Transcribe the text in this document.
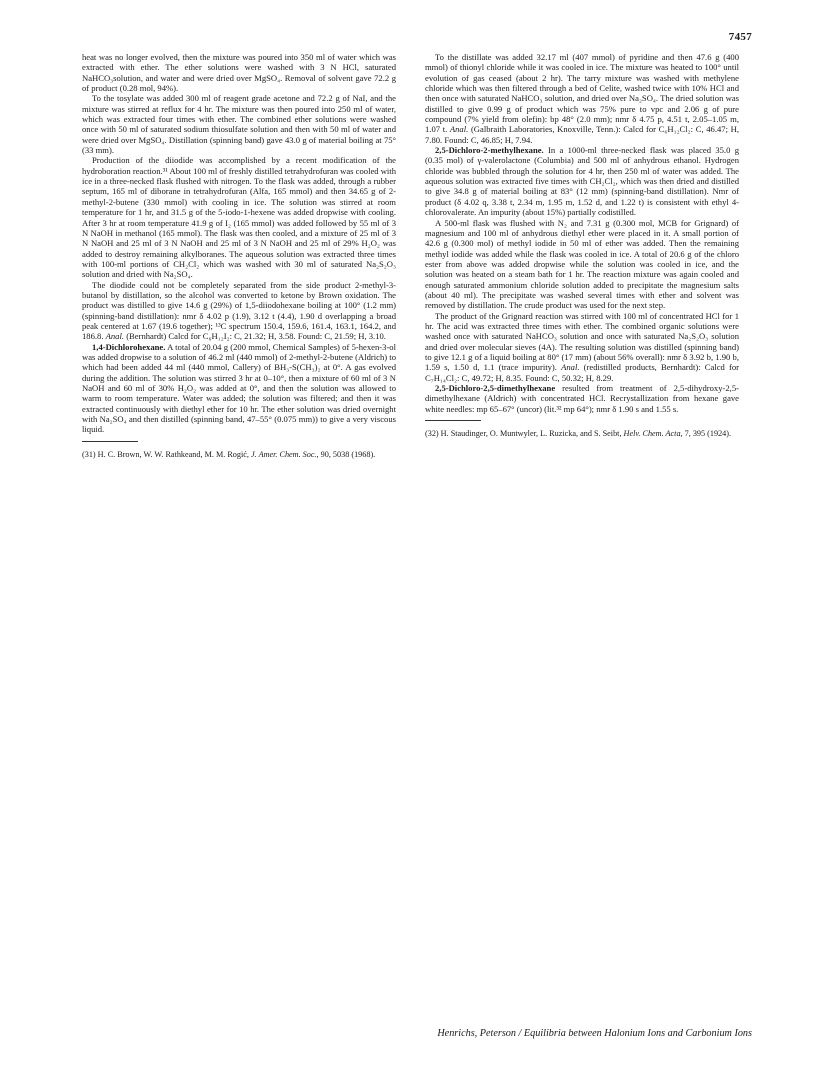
7457

heat was no longer evolved, then the mixture was poured into 350 ml of water which was extracted with ether. The ether solutions were washed with 3 N HCl, saturated NaHCO₃solution, and water and were dried over MgSO₄. Removal of solvent gave 72.2 g of product (0.28 mol, 94%).

To the tosylate was added 300 ml of reagent grade acetone and 72.2 g of NaI, and the mixture was stirred at reflux for 4 hr. The mixture was then poured into 250 ml of water, which was extracted four times with ether. The combined ether solutions were washed once with 50 ml of saturated sodium thiosulfate solution and then with 50 ml of water and were dried over MgSO₄. Distillation (spinning band) gave 43.0 g of material boiling at 75° (33 mm).

Production of the diiodide was accomplished by a recent modification of the hydroboration reaction.³¹ About 100 ml of freshly distilled tetrahydrofuran was cooled with ice in a three-necked flask flushed with nitrogen. To the flask was added, through a rubber septum, 165 ml of diborane in tetrahydrofuran (Alfa, 165 mmol) and then 34.65 g of 2-methyl-2-butene (330 mmol) with cooling in ice. The solution was stirred at room temperature for 1 hr, and 31.5 g of the 5-iodo-1-hexene was added dropwise with cooling. After 3 hr at room temperature 41.9 g of I₂ (165 mmol) was added followed by 55 ml of 3 N NaOH in methanol (165 mmol). The flask was then cooled, and a mixture of 25 ml of 3 N NaOH and 25 ml of 3 N NaOH and 25 ml of 3 N NaOH and 25 ml of 29% H₂O₂ was added to destroy remaining alkylboranes. The aqueous solution was extracted three times with 100-ml portions of CH₂Cl₂ which was washed with 30 ml of saturated Na₂S₂O₃ solution and dried with Na₂SO₄.

The diodide could not be completely separated from the side product 2-methyl-3-butanol by distillation, so the alcohol was converted to ketone by Brown oxidation. The product was distilled to give 14.6 g (29%) of 1,5-diiodohexane boiling at 100° (1.2 mm) (spinning-band distillation): nmr δ 4.02 p (1.9), 3.12 t (4.4), 1.90 d overlapping a broad peak centered at 1.67 (19.6 together); ¹³C spectrum 150.4, 159.6, 161.4, 163.1, 164.2, and 186.8. Anal. (Bernhardt) Calcd for C₆H₁₂I₂: C, 21.32; H, 3.58. Found: C, 21.59; H, 3.10.

1,4-Dichlorohexane. A total of 20.04 g (200 mmol, Chemical Samples) of 5-hexen-3-ol was added dropwise to a solution of 46.2 ml (440 mmol) of 2-methyl-2-butene (Aldrich) to which had been added 44 ml (440 mmol, Callery) of BH₃-S(CH₃)₂ at 0°. A gas evolved during the addition. The solution was stirred 3 hr at 0–10°, then a mixture of 60 ml of 3 N NaOH and 60 ml of 30% H₂O₂ was added at 0°, and then the solution was allowed to warm to room temperature. Water was added; the solution was filtered; and then it was extracted continuously with diethyl ether for 10 hr. The ether solution was dried overnight with Na₂SO₄ and then distilled (spinning band, 47–55° (0.075 mm)) to give a very viscous liquid.

(31) H. C. Brown, W. W. Rathkeand, M. M. Rogić, J. Amer. Chem. Soc., 90, 5038 (1968).

To the distillate was added 32.17 ml (407 mmol) of pyridine and then 47.6 g (400 mmol) of thionyl chloride while it was cooled in ice. The mixture was heated to 100° until evolution of gas ceased (about 2 hr). The tarry mixture was washed with methylene chloride which was then filtered through a bed of Celite, washed twice with 10% HCl and then once with saturated NaHCO₃ solution, and dried over Na₂SO₄. The dried solution was distilled to give 0.99 g of product which was 75% pure to vpc and 2.06 g of pure compound (7% yield from olefin): bp 48° (2.0 mm); nmr δ 4.75 p, 4.51 t, 2.05–1.05 m, 1.07 t. Anal. (Galbraith Laboratories, Knoxville, Tenn.): Calcd for C₆H₁₂Cl₂: C, 46.47; H, 7.80. Found: C, 46.85; H, 7.94.

2,5-Dichloro-2-methylhexane. In a 1000-ml three-necked flask was placed 35.0 g (0.35 mol) of γ-valerolactone (Columbia) and 500 ml of anhydrous ethanol. Hydrogen chloride was bubbled through the solution for 4 hr, then 250 ml of water was added. The aqueous solution was extracted five times with CH₂Cl₂, which was then dried and distilled to give 34.8 g of material boiling at 83° (12 mm) (spinning-band distillation). Nmr of product (δ 4.02 q, 3.38 t, 2.34 m, 1.95 m, 1.52 d, and 1.22 t) is consistent with ethyl 4-chlorovalerate. An impurity (about 15%) partially codistilled.

A 500-ml flask was flushed with N₂ and 7.31 g (0.300 mol, MCB for Grignard) of magnesium and 100 ml of anhydrous diethyl ether were placed in it. A small portion of 42.6 g (0.300 mol) of methyl iodide in 50 ml of ether was added. Then the remaining methyl iodide was added while the flask was cooled in ice. A total of 20.6 g of the chloro ester from above was added dropwise while the solution was cooled in ice, and the solution was heated on a steam bath for 1 hr. The reaction mixture was again cooled and enough saturated ammonium chloride solution added to precipitate the magnesium salts (about 40 ml). The precipitate was washed several times with ether and solvent was removed by distillation. The crude product was used for the next step.

The product of the Grignard reaction was stirred with 100 ml of concentrated HCl for 1 hr. The acid was extracted three times with ether. The combined organic solutions were washed once with saturated NaHCO₃ solution and once with saturated Na₂S₂O₃ solution and dried over molecular sieves (4A). The resulting solution was distilled (spinning band) to give 12.1 g of a liquid boiling at 80° (17 mm) (about 56% overall): nmr δ 3.92 b, 1.90 b, 1.59 s, 1.50 d, 1.1 (trace impurity). Anal. (redistilled products, Bernhardt): Calcd for C₇H₁₄Cl₂: C, 49.72; H, 8.35. Found: C, 50.32; H, 8.29.

2,5-Dichloro-2,5-dimethylhexane resulted from treatment of 2,5-dihydroxy-2,5-dimethylhexane (Aldrich) with concentrated HCl. Recrystallization from hexane gave white needles: mp 65–67° (uncor) (lit.³² mp 64°); nmr δ 1.90 s and 1.55 s.

(32) H. Staudinger, O. Muntwyler, L. Ruzicka, and S. Seibt, Helv. Chem. Acta, 7, 395 (1924).

Henrichs, Peterson / Equilibria between Halonium Ions and Carbonium Ions
